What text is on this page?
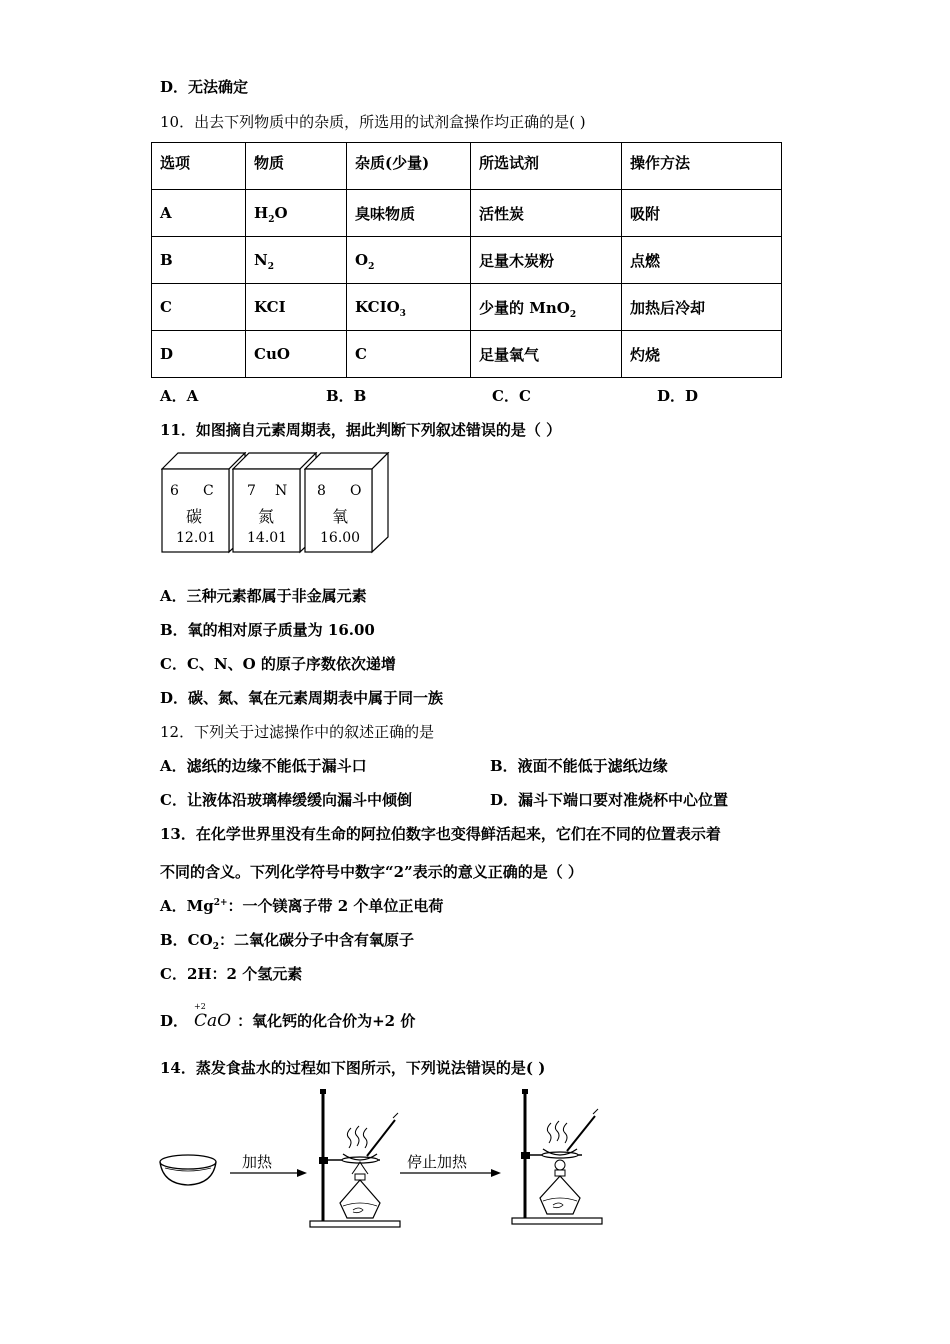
D．无法确定
10．出去下列物质中的杂质，所选用的试剂盒操作均正确的是( )
选项	物质	杂质(少量)	所选试剂	操作方法
A	$H_2O$	臭味物质	活性炭	吸附
B	$N_2$	$O_2$	足量木炭粉	点燃
C	KCI	$KCIO_3$	少量的 MnO$_2$	加热后冷却
D	CuO	C	足量氧气	灼烧
A．A	B．B	C．C	D．D
11．如图摘自元素周期表，据此判断下列叙述错误的是（ ）
6 C
碳
12.01
7 N
氮
14.01
8 O
氧
16.00
A．三种元素都属于非金属元素
B．氧的相对原子质量为 16.00
C．C、N、O 的原子序数依次递增
D．碳、氮、氧在元素周期表中属于同一族
12．下列关于过滤操作中的叙述正确的是
A．滤纸的边缘不能低于漏斗口	B．液面不能低于滤纸边缘
C．让液体沿玻璃棒缓缓向漏斗中倾倒	D．漏斗下端口要对准烧杯中心位置
13．在化学世界里没有生命的阿拉伯数字也变得鲜活起来，它们在不同的位置表示着
不同的含义。下列化学符号中数字“2”表示的意义正确的是（ ）
A．$Mg^{2+}$：一个镁离子带 2 个单位正电荷
B．$CO_2$：二氧化碳分子中含有氧原子
C．2H：2 个氢元素
D．
+2
CaO ：氧化钙的化合价为+2 价
14．蒸发食盐水的过程如下图所示，下列说法错误的是( )
加热	停止加热
